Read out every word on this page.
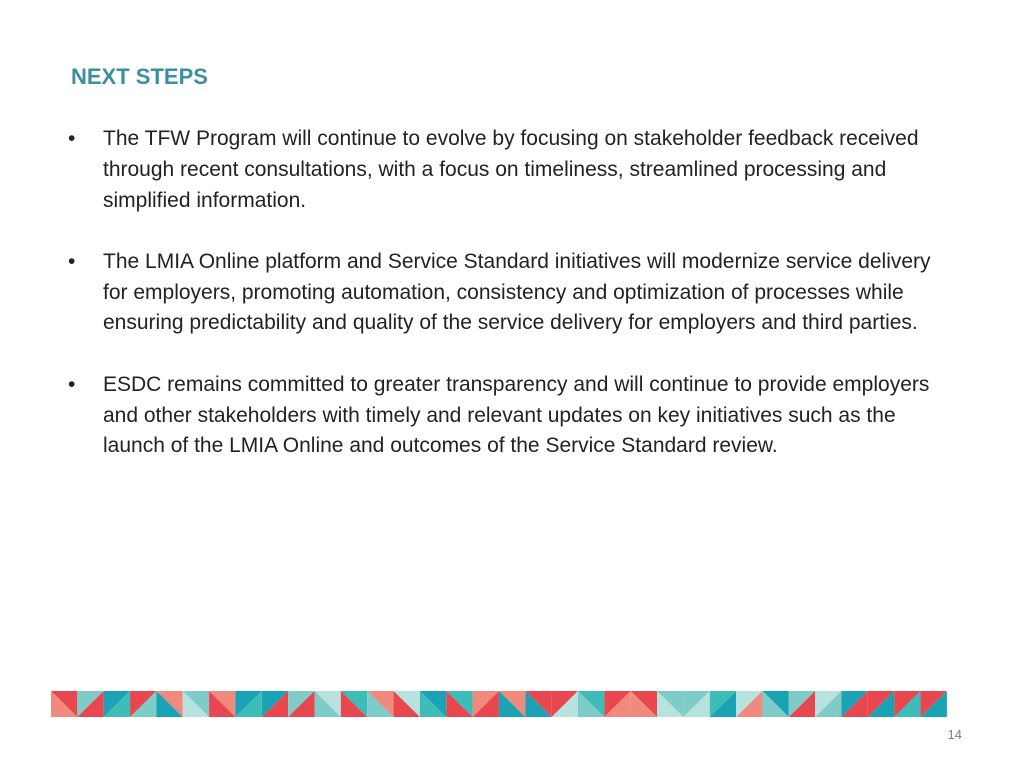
NEXT STEPS
•	The TFW Program will continue to evolve by focusing on stakeholder feedback received through recent consultations, with a focus on timeliness, streamlined processing and simplified information.
•	The LMIA Online platform and Service Standard initiatives will modernize service delivery for employers, promoting automation, consistency and optimization of processes while ensuring predictability and quality of the service delivery for employers and third parties.
•	ESDC remains committed to greater transparency and will continue to provide employers and other stakeholders with timely and relevant updates on key initiatives such as the launch of the LMIA Online and outcomes of the Service Standard review.
14
